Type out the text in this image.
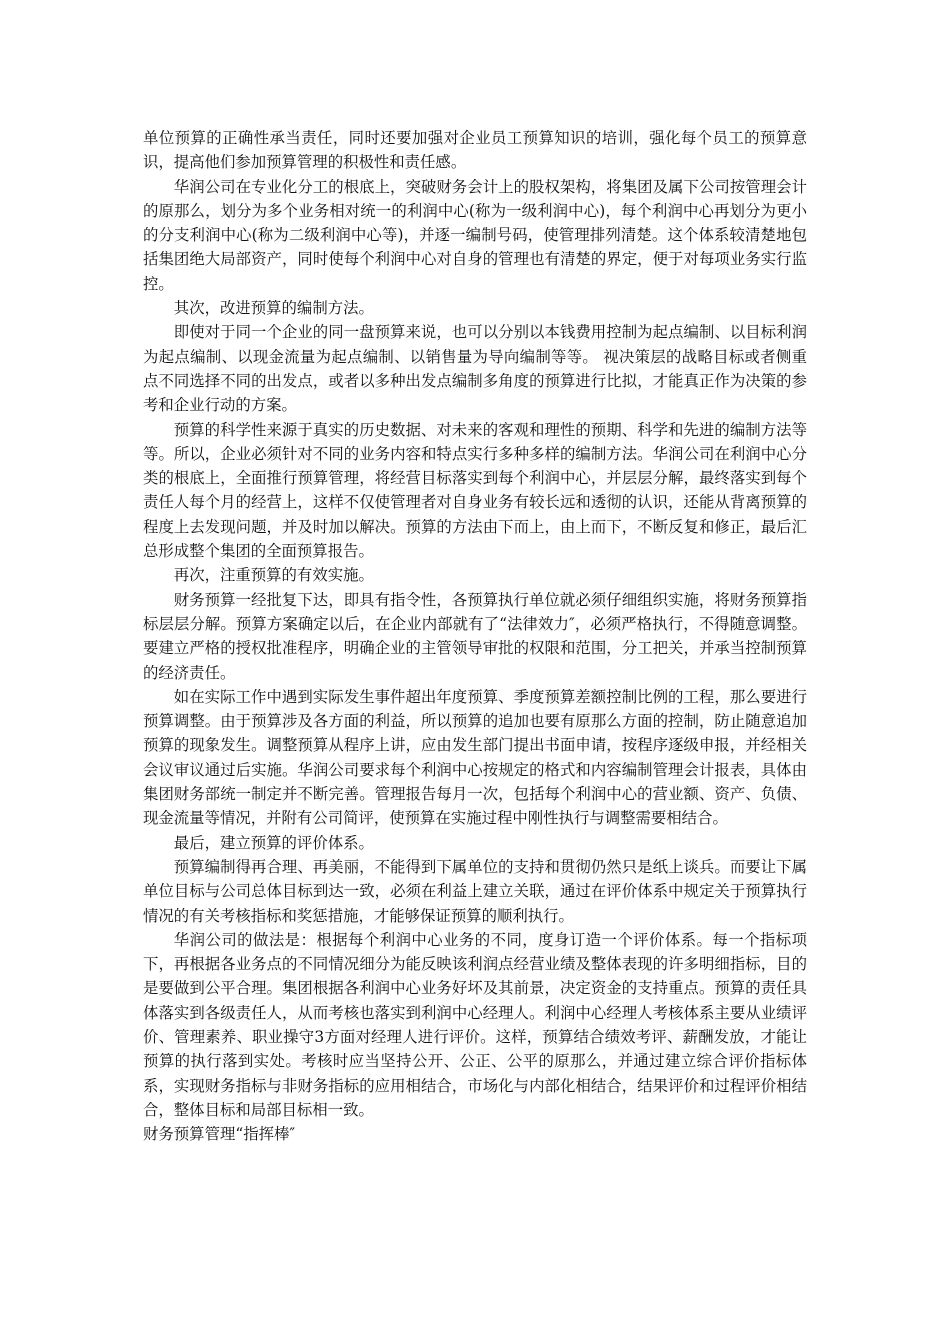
单位预算的正确性承当责任，同时还要加强对企业员工预算知识的培训，强化每个员工的预算意识，提高他们参加预算管理的积极性和责任感。

华润公司在专业化分工的根底上，突破财务会计上的股权架构，将集团及属下公司按管理会计的原那么，划分为多个业务相对统一的利润中心(称为一级利润中心)，每个利润中心再划分为更小的分支利润中心(称为二级利润中心等)，并逐一编制号码，使管理排列清楚。这个体系较清楚地包括集团绝大局部资产，同时使每个利润中心对自身的管理也有清楚的界定，便于对每项业务实行监控。

其次，改进预算的编制方法。

即使对于同一个企业的同一盘预算来说，也可以分别以本钱费用控制为起点编制、以目标利润为起点编制、以现金流量为起点编制、以销售量为导向编制等等。 视决策层的战略目标或者侧重点不同选择不同的出发点，或者以多种出发点编制多角度的预算进行比拟，才能真正作为决策的参考和企业行动的方案。

预算的科学性来源于真实的历史数据、对未来的客观和理性的预期、科学和先进的编制方法等等。所以，企业必须针对不同的业务内容和特点实行多种多样的编制方法。华润公司在利润中心分类的根底上，全面推行预算管理，将经营目标落实到每个利润中心，并层层分解，最终落实到每个责任人每个月的经营上，这样不仅使管理者对自身业务有较长远和透彻的认识，还能从背离预算的程度上去发现问题，并及时加以解决。预算的方法由下而上，由上而下，不断反复和修正，最后汇总形成整个集团的全面预算报告。

再次，注重预算的有效实施。

财务预算一经批复下达，即具有指令性，各预算执行单位就必须仔细组织实施，将财务预算指标层层分解。预算方案确定以后，在企业内部就有了“法律效力″，必须严格执行，不得随意调整。要建立严格的授权批准程序，明确企业的主管领导审批的权限和范围，分工把关，并承当控制预算的经济责任。

如在实际工作中遇到实际发生事件超出年度预算、季度预算差额控制比例的工程，那么要进行预算调整。由于预算涉及各方面的利益，所以预算的追加也要有原那么方面的控制，防止随意追加预算的现象发生。调整预算从程序上讲，应由发生部门提出书面申请，按程序逐级申报，并经相关会议审议通过后实施。华润公司要求每个利润中心按规定的格式和内容编制管理会计报表，具体由集团财务部统一制定并不断完善。管理报告每月一次，包括每个利润中心的营业额、资产、负债、现金流量等情况，并附有公司简评，使预算在实施过程中刚性执行与调整需要相结合。

最后，建立预算的评价体系。

预算编制得再合理、再美丽，不能得到下属单位的支持和贯彻仍然只是纸上谈兵。而要让下属单位目标与公司总体目标到达一致，必须在利益上建立关联，通过在评价体系中规定关于预算执行情况的有关考核指标和奖惩措施，才能够保证预算的顺利执行。

华润公司的做法是：根据每个利润中心业务的不同，度身订造一个评价体系。每一个指标项下，再根据各业务点的不同情况细分为能反映该利润点经营业绩及整体表现的许多明细指标，目的是要做到公平合理。集团根据各利润中心业务好坏及其前景，决定资金的支持重点。预算的责任具体落实到各级责任人，从而考核也落实到利润中心经理人。利润中心经理人考核体系主要从业绩评价、管理素养、职业操守3方面对经理人进行评价。这样，预算结合绩效考评、薪酬发放，才能让预算的执行落到实处。考核时应当坚持公开、公正、公平的原那么，并通过建立综合评价指标体系，实现财务指标与非财务指标的应用相结合，市场化与内部化相结合，结果评价和过程评价相结合，整体目标和局部目标相一致。

财务预算管理“指挥棒″
